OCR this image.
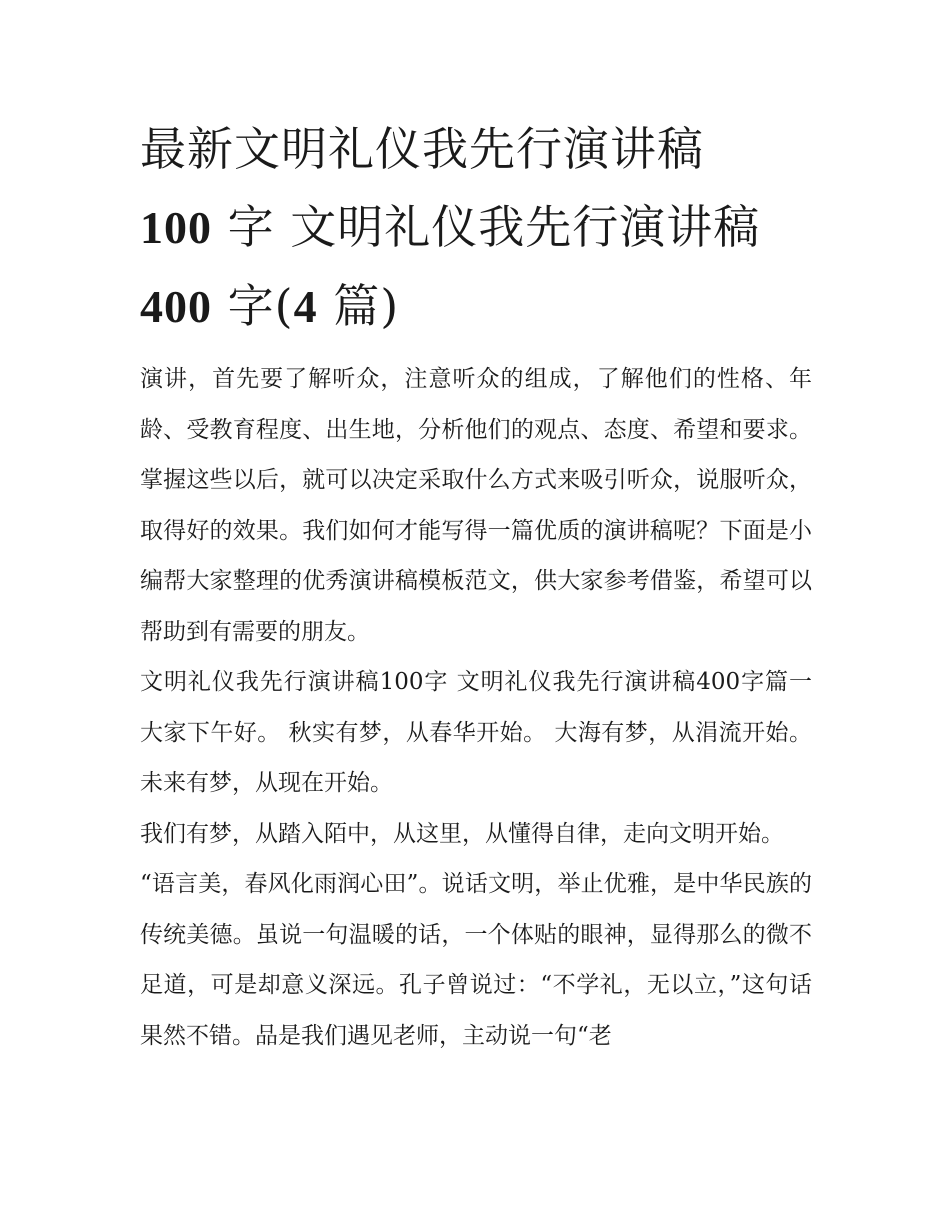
最新文明礼仪我先行演讲稿
100 字 文明礼仪我先行演讲稿
400 字(4 篇)

演讲，首先要了解听众，注意听众的组成，了解他们的性格、年龄、受教育程度、出生地，分析他们的观点、态度、希望和要求。掌握这些以后，就可以决定采取什么方式来吸引听众，说服听众，取得好的效果。我们如何才能写得一篇优质的演讲稿呢？下面是小编帮大家整理的优秀演讲稿模板范文，供大家参考借鉴，希望可以帮助到有需要的朋友。

文明礼仪我先行演讲稿100字 文明礼仪我先行演讲稿400字篇一 大家下午好。 秋实有梦，从春华开始。 大海有梦，从涓流开始。 未来有梦，从现在开始。

我们有梦，从踏入陌中，从这里，从懂得自律，走向文明开始。

“语言美，春风化雨润心田”。说话文明，举止优雅，是中华民族的传统美德。虽说一句温暖的话，一个体贴的眼神，显得那么的微不足道，可是却意义深远。孔子曾说过：“不学礼，无以立，”这句话果然不错。品是我们遇见老师，主动说一句“老
